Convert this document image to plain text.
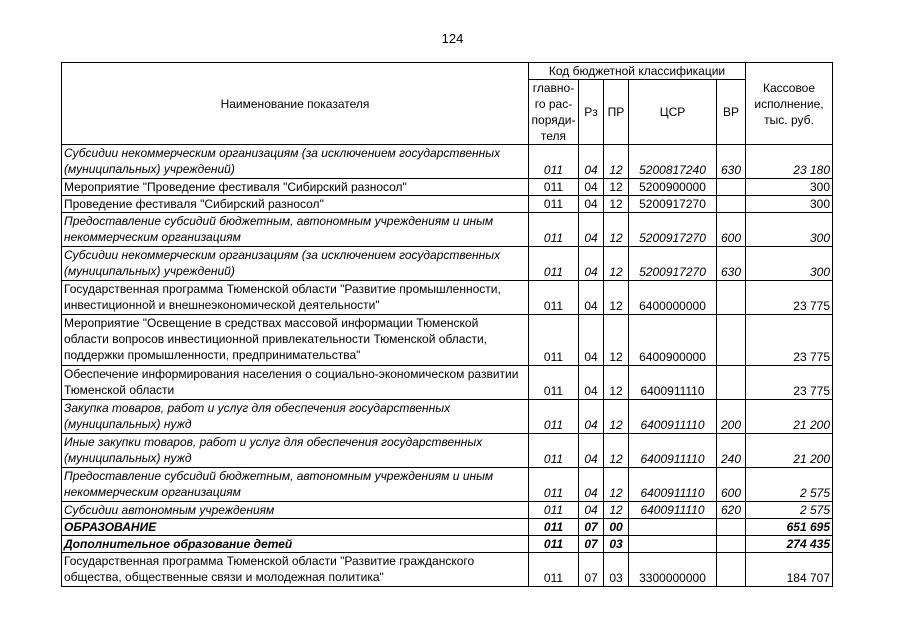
124
Наименование показателя	Код бюджетной классификации					Кассовое
исполнение,
тыс. руб.
	главно-
го рас-
поряди-
теля	Рз	ПР	ЦСР	ВР	
Субсидии некоммерческим организациям (за исключением государственных (муниципальных) учреждений)	011	04	12	5200817240	630	23 180
Мероприятие "Проведение фестиваля "Сибирский разносол"	011	04	12	5200900000		300
Проведение фестиваля "Сибирский разносол"	011	04	12	5200917270		300
Предоставление субсидий бюджетным, автономным учреждениям и иным некоммерческим организациям	011	04	12	5200917270	600	300
Субсидии некоммерческим организациям (за исключением государственных (муниципальных) учреждений)	011	04	12	5200917270	630	300
Государственная программа Тюменской области "Развитие промышленности, инвестиционной и внешнеэкономической деятельности"	011	04	12	6400000000		23 775
Мероприятие "Освещение в средствах массовой информации Тюменской области вопросов инвестиционной привлекательности Тюменской области, поддержки промышленности, предпринимательства"	011	04	12	6400900000		23 775
Обеспечение информирования населения о социально-экономическом развитии Тюменской области	011	04	12	6400911110		23 775
Закупка товаров, работ и услуг для обеспечения государственных (муниципальных) нужд	011	04	12	6400911110	200	21 200
Иные закупки товаров, работ и услуг для обеспечения государственных (муниципальных) нужд	011	04	12	6400911110	240	21 200
Предоставление субсидий бюджетным, автономным учреждениям и иным некоммерческим организациям	011	04	12	6400911110	600	2 575
Субсидии автономным учреждениям	011	04	12	6400911110	620	2 575
ОБРАЗОВАНИЕ	011	07	00			651 695
Дополнительное образование детей	011	07	03			274 435
Государственная программа Тюменской области "Развитие гражданского общества, общественные связи и молодежная политика"	011	07	03	3300000000		184 707
